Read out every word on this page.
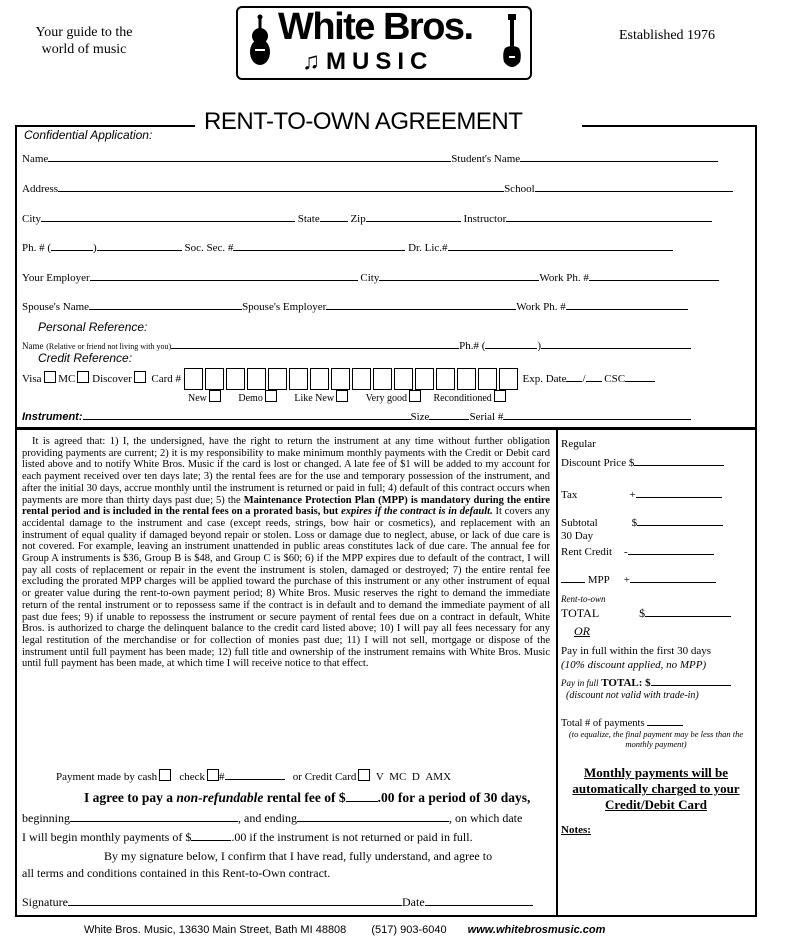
Your guide to the
world of music
White Bros.
♫MUSIC
Established 1976
RENT-TO-OWN AGREEMENT
Confidential Application:
Name	Student's Name
Address	School
City	State	Zip	Instructor
Ph. # (	)	Soc. Sec. #	Dr. Lic.#
Your Employer	City	Work Ph. #
Spouse's Name	Spouse's Employer	Work Ph. #
Personal Reference:
Name (Relative or friend not living with you)	Ph.# (	)
Credit Reference:
Visa MC Discover Card #	Exp. Date / CSC
New	Demo	Like New	Very good	Reconditioned
Instrument:	Size	Serial #
It is agreed that: 1) I, the undersigned, have the right to return the instrument at any time without further obligation providing payments are current; 2) it is my responsibility to make minimum monthly payments with the Credit or Debit card listed above and to notify White Bros. Music if the card is lost or changed. A late fee of $1 will be added to my account for each payment received over ten days late; 3) the rental fees are for the use and temporary possession of the instrument, and after the initial 30 days, accrue monthly until the instrument is returned or paid in full; 4) default of this contract occurs when payments are more than thirty days past due; 5) the Maintenance Protection Plan (MPP) is mandatory during the entire rental period and is included in the rental fees on a prorated basis, but expires if the contract is in default. It covers any accidental damage to the instrument and case (except reeds, strings, bow hair or cosmetics), and replacement with an instrument of equal quality if damaged beyond repair or stolen. Loss or damage due to neglect, abuse, or lack of due care is not covered. For example, leaving an instrument unattended in public areas constitutes lack of due care. The annual fee for Group A instruments is $36, Group B is $48, and Group C is $60; 6) if the MPP expires due to default of the contract, I will pay all costs of replacement or repair in the event the instrument is stolen, damaged or destroyed; 7) the entire rental fee excluding the prorated MPP charges will be applied toward the purchase of this instrument or any other instrument of equal or greater value during the rent-to-own payment period; 8) White Bros. Music reserves the right to demand the immediate return of the rental instrument or to repossess same if the contract is in default and to demand the immediate payment of all past due fees; 9) if unable to repossess the instrument or secure payment of rental fees due on a contract in default, White Bros. is authorized to charge the delinquent balance to the credit card listed above; 10) I will pay all fees necessary for any legal restitution of the merchandise or for collection of monies past due; 11) I will not sell, mortgage or dispose of the instrument until full payment has been made; 12) full title and ownership of the instrument remains with White Bros. Music until full payment has been made, at which time I will receive notice to that effect.
Payment made by cash check #	or Credit Card V MC D AMX
I agree to pay a non-refundable rental fee of $ .00 for a period of 30 days,
beginning	, and ending	, on which date
I will begin monthly payments of $	.00 if the instrument is not returned or paid in full.
By my signature below, I confirm that I have read, fully understand, and agree to
all terms and conditions contained in this Rent-to-Own contract.
Signature	Date
Regular
Discount Price $
Tax	+
Subtotal	$
30 Day
Rent Credit -
MPP +
Rent-to-own
TOTAL	$
OR
Pay in full within the first 30 days
(10% discount applied, no MPP)
Pay in full TOTAL: $
(discount not valid with trade-in)
Total # of payments
(to equalize, the final payment may be less than the monthly payment)
Monthly payments will be
automatically charged to your
Credit/Debit Card
Notes:
White Bros. Music, 13630 Main Street, Bath MI 48808 (517) 903-6040 www.whitebrosmusic.com
